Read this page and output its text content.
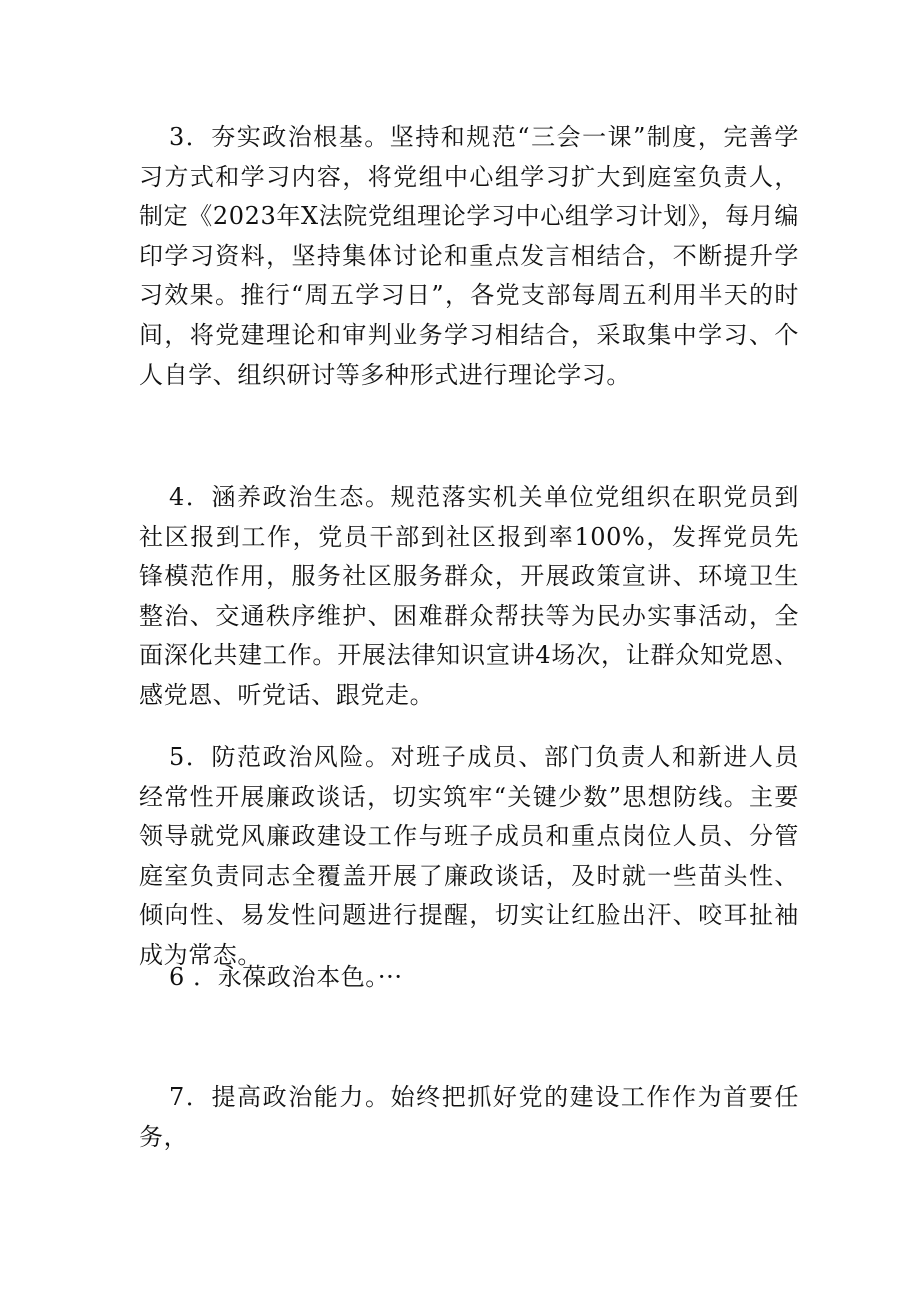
3．夯实政治根基。坚持和规范“三会一课”制度，完善学习方式和学习内容，将党组中心组学习扩大到庭室负责人，制定《2023年X法院党组理论学习中心组学习计划》，每月编印学习资料，坚持集体讨论和重点发言相结合，不断提升学习效果。推行“周五学习日”，各党支部每周五利用半天的时间，将党建理论和审判业务学习相结合，采取集中学习、个人自学、组织研讨等多种形式进行理论学习。

4．涵养政治生态。规范落实机关单位党组织在职党员到社区报到工作，党员干部到社区报到率100%，发挥党员先锋模范作用，服务社区服务群众，开展政策宣讲、环境卫生整治、交通秩序维护、困难群众帮扶等为民办实事活动，全面深化共建工作。开展法律知识宣讲4场次，让群众知党恩、感党恩、听党话、跟党走。

5．防范政治风险。对班子成员、部门负责人和新进人员经常性开展廉政谈话，切实筑牢“关键少数”思想防线。主要领导就党风廉政建设工作与班子成员和重点岗位人员、分管庭室负责同志全覆盖开展了廉政谈话，及时就一些苗头性、倾向性、易发性问题进行提醒，切实让红脸出汗、咬耳扯袖成为常态。

6 ．永葆政治本色。···

7．提高政治能力。始终把抓好党的建设工作作为首要任务，
